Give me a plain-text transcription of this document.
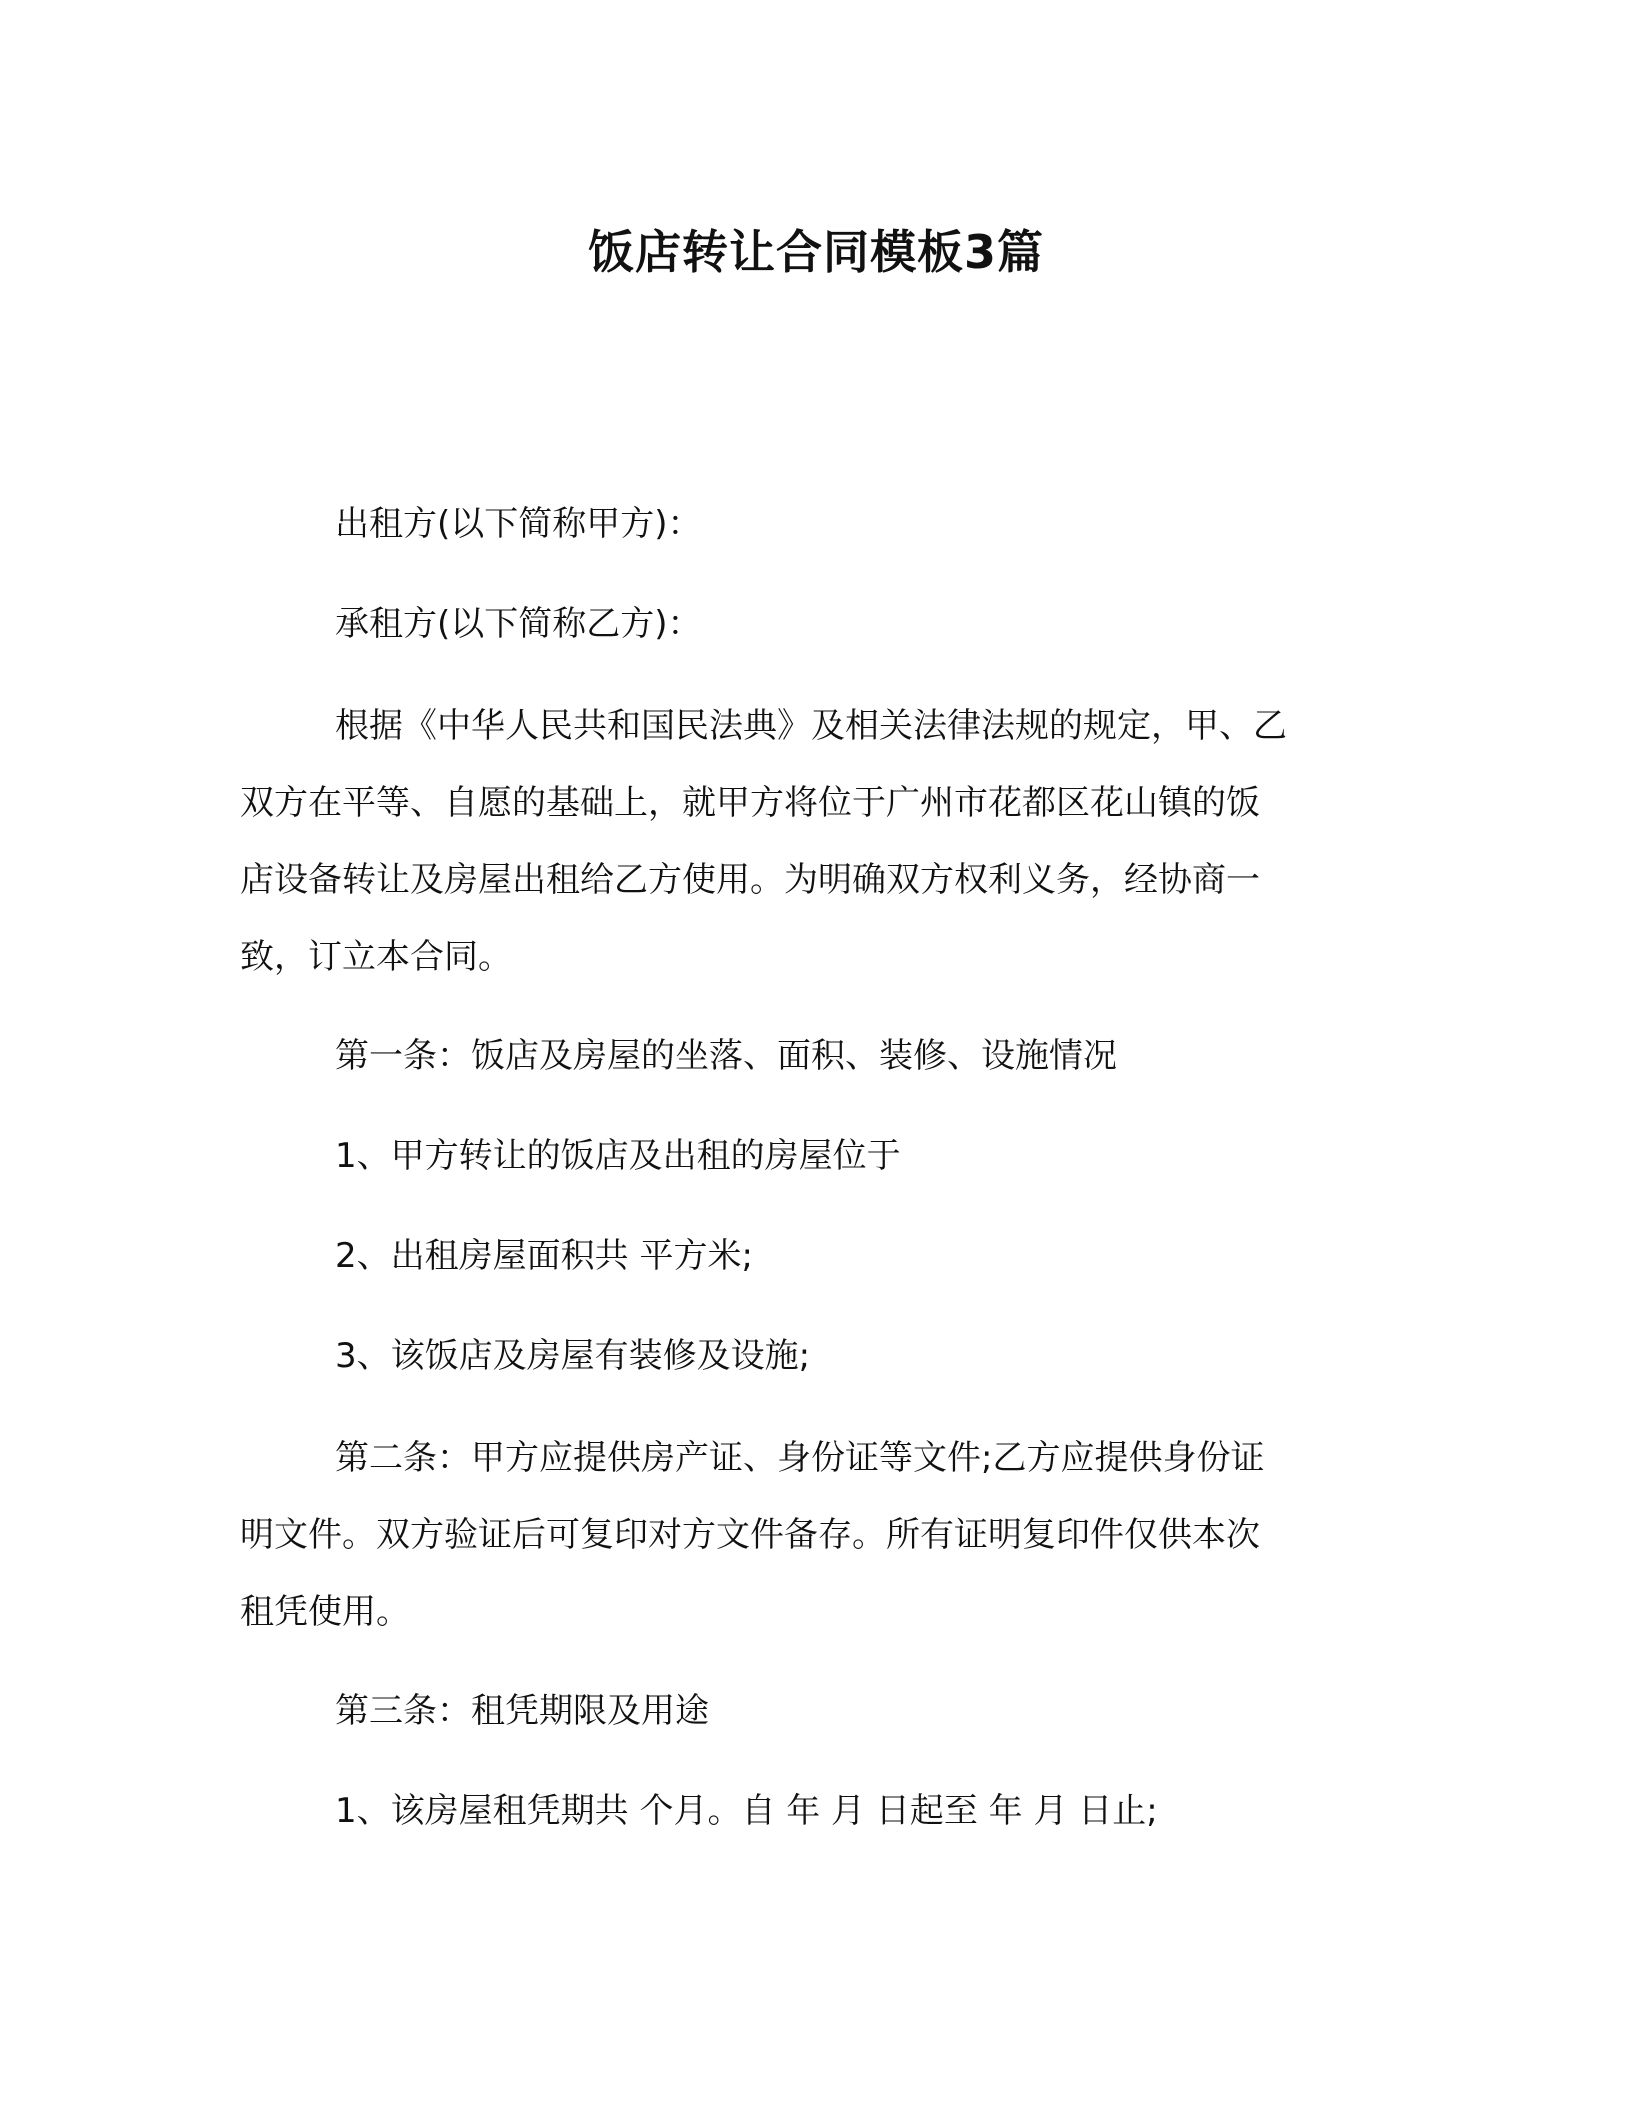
饭店转让合同模板3篇

出租方(以下简称甲方)：

承租方(以下简称乙方)：

根据《中华人民共和国民法典》及相关法律法规的规定，甲、乙
双方在平等、自愿的基础上，就甲方将位于广州市花都区花山镇的饭
店设备转让及房屋出租给乙方使用。为明确双方权利义务，经协商一
致，订立本合同。

第一条：饭店及房屋的坐落、面积、装修、设施情况

1、甲方转让的饭店及出租的房屋位于

2、出租房屋面积共 平方米;

3、该饭店及房屋有装修及设施;

第二条：甲方应提供房产证、身份证等文件;乙方应提供身份证
明文件。双方验证后可复印对方文件备存。所有证明复印件仅供本次
租凭使用。

第三条：租凭期限及用途

1、该房屋租凭期共 个月。自 年 月 日起至 年 月 日止;
